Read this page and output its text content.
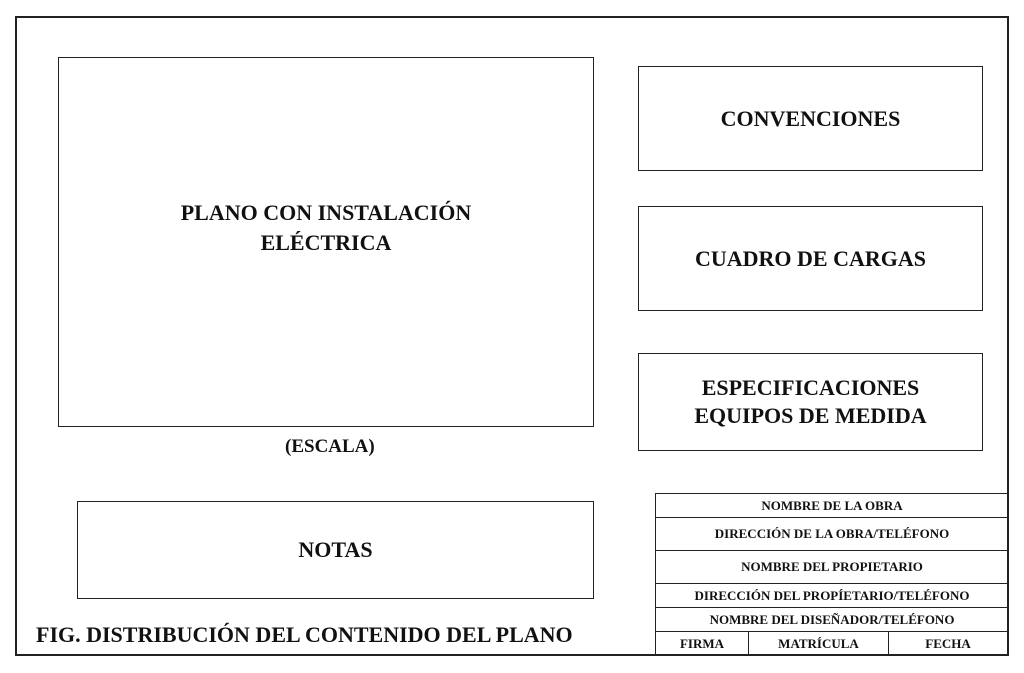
PLANO CON INSTALACIÓN
ELÉCTRICA
(ESCALA)
CONVENCIONES
CUADRO DE CARGAS
ESPECIFICACIONES
EQUIPOS DE MEDIDA
NOTAS
FIG. DISTRIBUCIÓN DEL CONTENIDO DEL PLANO
NOMBRE DE LA OBRA
DIRECCIÓN DE LA OBRA/TELÉFONO
NOMBRE DEL PROPIETARIO
DIRECCIÓN DEL PROPÍETARIO/TELÉFONO
NOMBRE DEL DISEÑADOR/TELÉFONO
FIRMA	MATRÍCULA	FECHA
